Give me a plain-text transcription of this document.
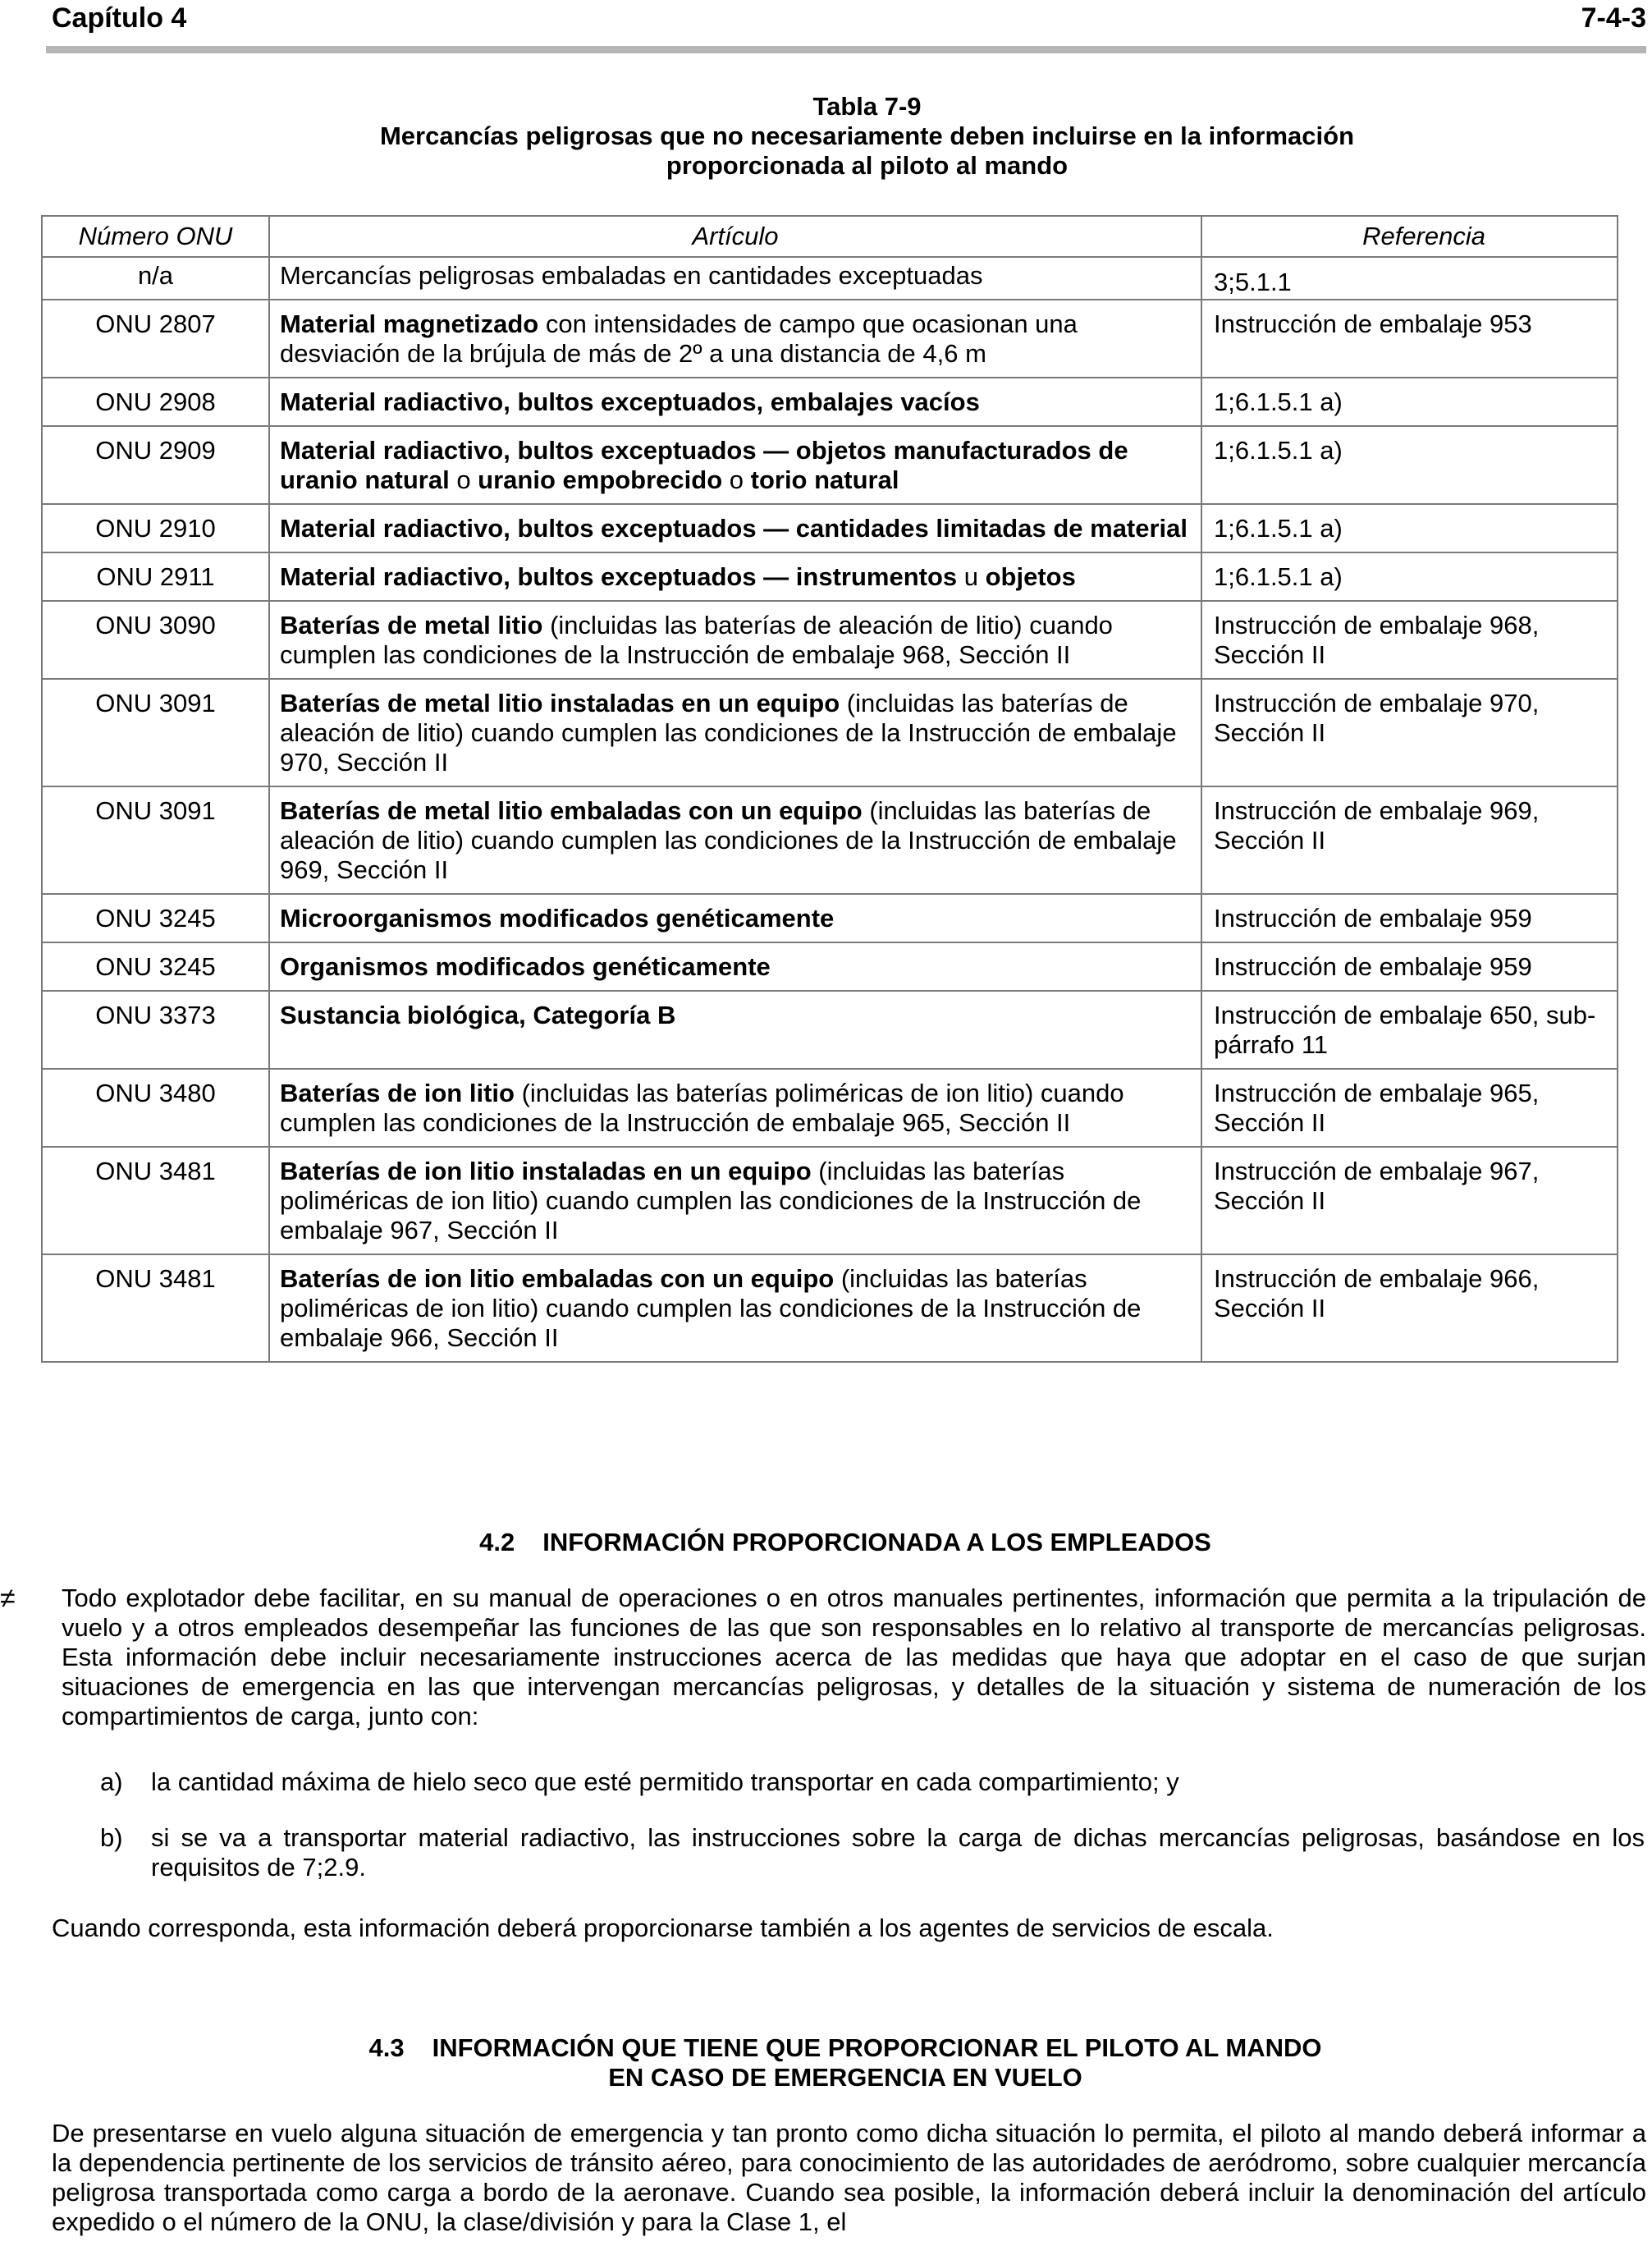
Capítulo 4	7-4-3
Tabla 7-9
Mercancías peligrosas que no necesariamente deben incluirse en la información
proporcionada al piloto al mando
Número ONU	Artículo	Referencia
n/a	Mercancías peligrosas embaladas en cantidades exceptuadas	3;5.1.1
ONU 2807	Material magnetizado con intensidades de campo que ocasionan una desviación de la brújula de más de 2º a una distancia de 4,6 m	Instrucción de embalaje 953
ONU 2908	Material radiactivo, bultos exceptuados, embalajes vacíos	1;6.1.5.1 a)
ONU 2909	Material radiactivo, bultos exceptuados — objetos manufacturados de uranio natural o uranio empobrecido o torio natural	1;6.1.5.1 a)
ONU 2910	Material radiactivo, bultos exceptuados — cantidades limitadas de material	1;6.1.5.1 a)
ONU 2911	Material radiactivo, bultos exceptuados — instrumentos u objetos	1;6.1.5.1 a)
ONU 3090	Baterías de metal litio (incluidas las baterías de aleación de litio) cuando cumplen las condiciones de la Instrucción de embalaje 968, Sección II	Instrucción de embalaje 968, Sección II
ONU 3091	Baterías de metal litio instaladas en un equipo (incluidas las baterías de aleación de litio) cuando cumplen las condiciones de la Instrucción de embalaje 970, Sección II	Instrucción de embalaje 970, Sección II
ONU 3091	Baterías de metal litio embaladas con un equipo (incluidas las baterías de aleación de litio) cuando cumplen las condiciones de la Instrucción de embalaje 969, Sección II	Instrucción de embalaje 969, Sección II
ONU 3245	Microorganismos modificados genéticamente	Instrucción de embalaje 959
ONU 3245	Organismos modificados genéticamente	Instrucción de embalaje 959
ONU 3373	Sustancia biológica, Categoría B	Instrucción de embalaje 650, sub-párrafo 11
ONU 3480	Baterías de ion litio (incluidas las baterías poliméricas de ion litio) cuando cumplen las condiciones de la Instrucción de embalaje 965, Sección II	Instrucción de embalaje 965, Sección II
ONU 3481	Baterías de ion litio instaladas en un equipo (incluidas las baterías poliméricas de ion litio) cuando cumplen las condiciones de la Instrucción de embalaje 967, Sección II	Instrucción de embalaje 967, Sección II
ONU 3481	Baterías de ion litio embaladas con un equipo (incluidas las baterías poliméricas de ion litio) cuando cumplen las condiciones de la Instrucción de embalaje 966, Sección II	Instrucción de embalaje 966, Sección II
4.2 INFORMACIÓN PROPORCIONADA A LOS EMPLEADOS
≠ Todo explotador debe facilitar, en su manual de operaciones o en otros manuales pertinentes, información que permita a la tripulación de vuelo y a otros empleados desempeñar las funciones de las que son responsables en lo relativo al transporte de mercancías peligrosas. Esta información debe incluir necesariamente instrucciones acerca de las medidas que haya que adoptar en el caso de que surjan situaciones de emergencia en las que intervengan mercancías peligrosas, y detalles de la situación y sistema de numeración de los compartimientos de carga, junto con:
a) la cantidad máxima de hielo seco que esté permitido transportar en cada compartimiento; y
b) si se va a transportar material radiactivo, las instrucciones sobre la carga de dichas mercancías peligrosas, basándose en los requisitos de 7;2.9.
Cuando corresponda, esta información deberá proporcionarse también a los agentes de servicios de escala.
4.3 INFORMACIÓN QUE TIENE QUE PROPORCIONAR EL PILOTO AL MANDO
EN CASO DE EMERGENCIA EN VUELO
De presentarse en vuelo alguna situación de emergencia y tan pronto como dicha situación lo permita, el piloto al mando deberá informar a la dependencia pertinente de los servicios de tránsito aéreo, para conocimiento de las autoridades de aeródromo, sobre cualquier mercancía peligrosa transportada como carga a bordo de la aeronave. Cuando sea posible, la información deberá incluir la denominación del artículo expedido o el número de la ONU, la clase/división y para la Clase 1, el
